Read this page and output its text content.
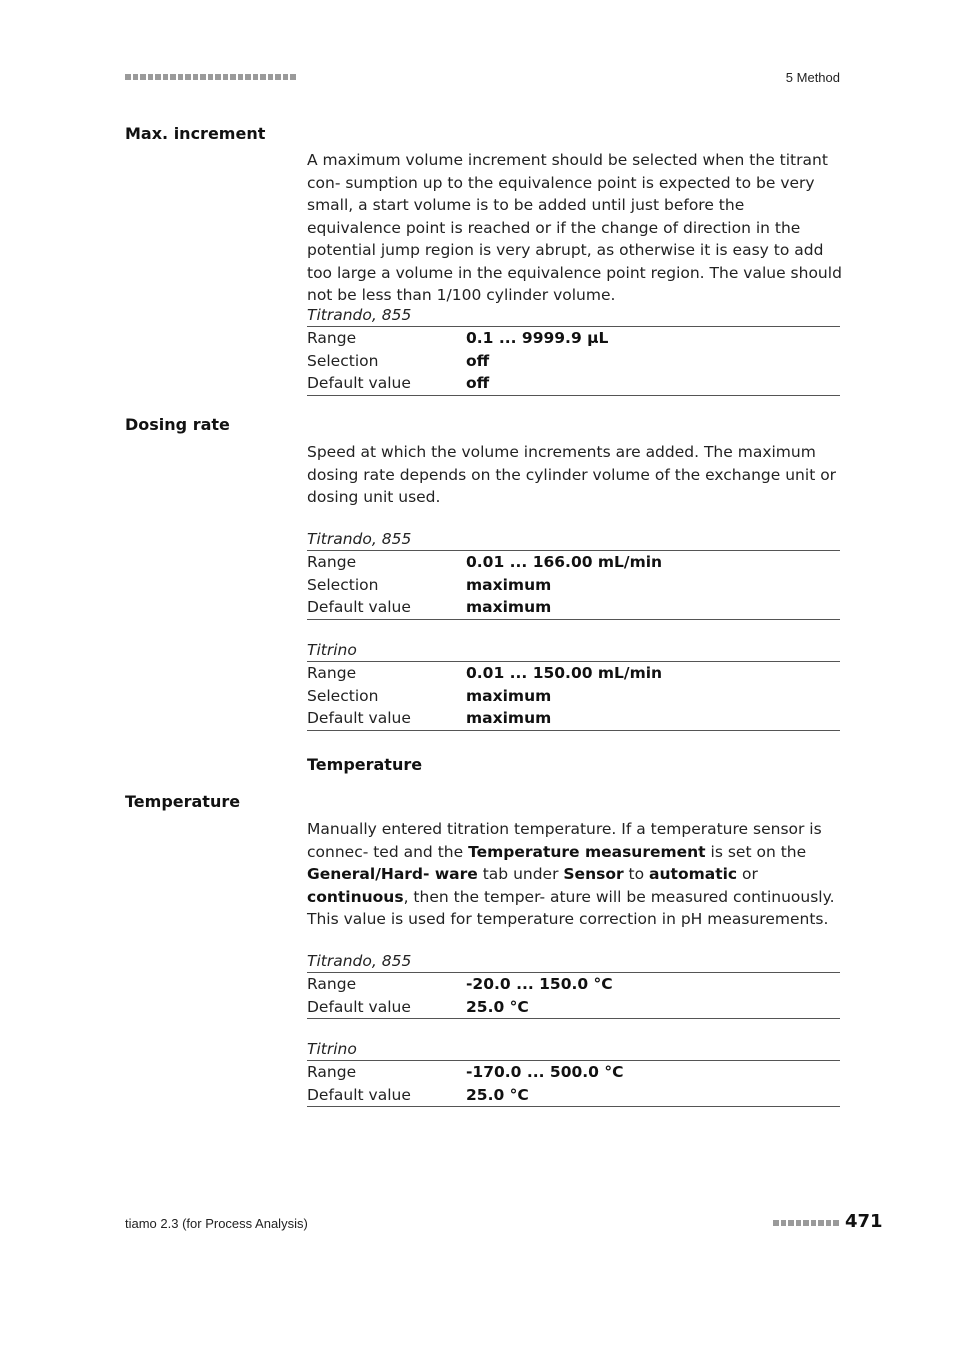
5 Method
Max. increment
A maximum volume increment should be selected when the titrant con- sumption up to the equivalence point is expected to be very small, a start volume is to be added until just before the equivalence point is reached or if the change of direction in the potential jump region is very abrupt, as otherwise it is easy to add too large a volume in the equivalence point region. The value should not be less than 1/100 cylinder volume.
Titrando, 855
Range	0.1 ... 9999.9 µL
Selection	off
Default value	off
Dosing rate
Speed at which the volume increments are added. The maximum dosing rate depends on the cylinder volume of the exchange unit or dosing unit used.
Titrando, 855
Range	0.01 ... 166.00 mL/min
Selection	maximum
Default value	maximum
Titrino
Range	0.01 ... 150.00 mL/min
Selection	maximum
Default value	maximum
Temperature
Temperature
Manually entered titration temperature. If a temperature sensor is connec- ted and the Temperature measurement is set on the General/Hard- ware tab under Sensor to automatic or continuous, then the temper- ature will be measured continuously. This value is used for temperature correction in pH measurements.
Titrando, 855
Range	-20.0 ... 150.0 °C
Default value	25.0 °C
Titrino
Range	-170.0 ... 500.0 °C
Default value	25.0 °C
tiamo 2.3 (for Process Analysis)	471
